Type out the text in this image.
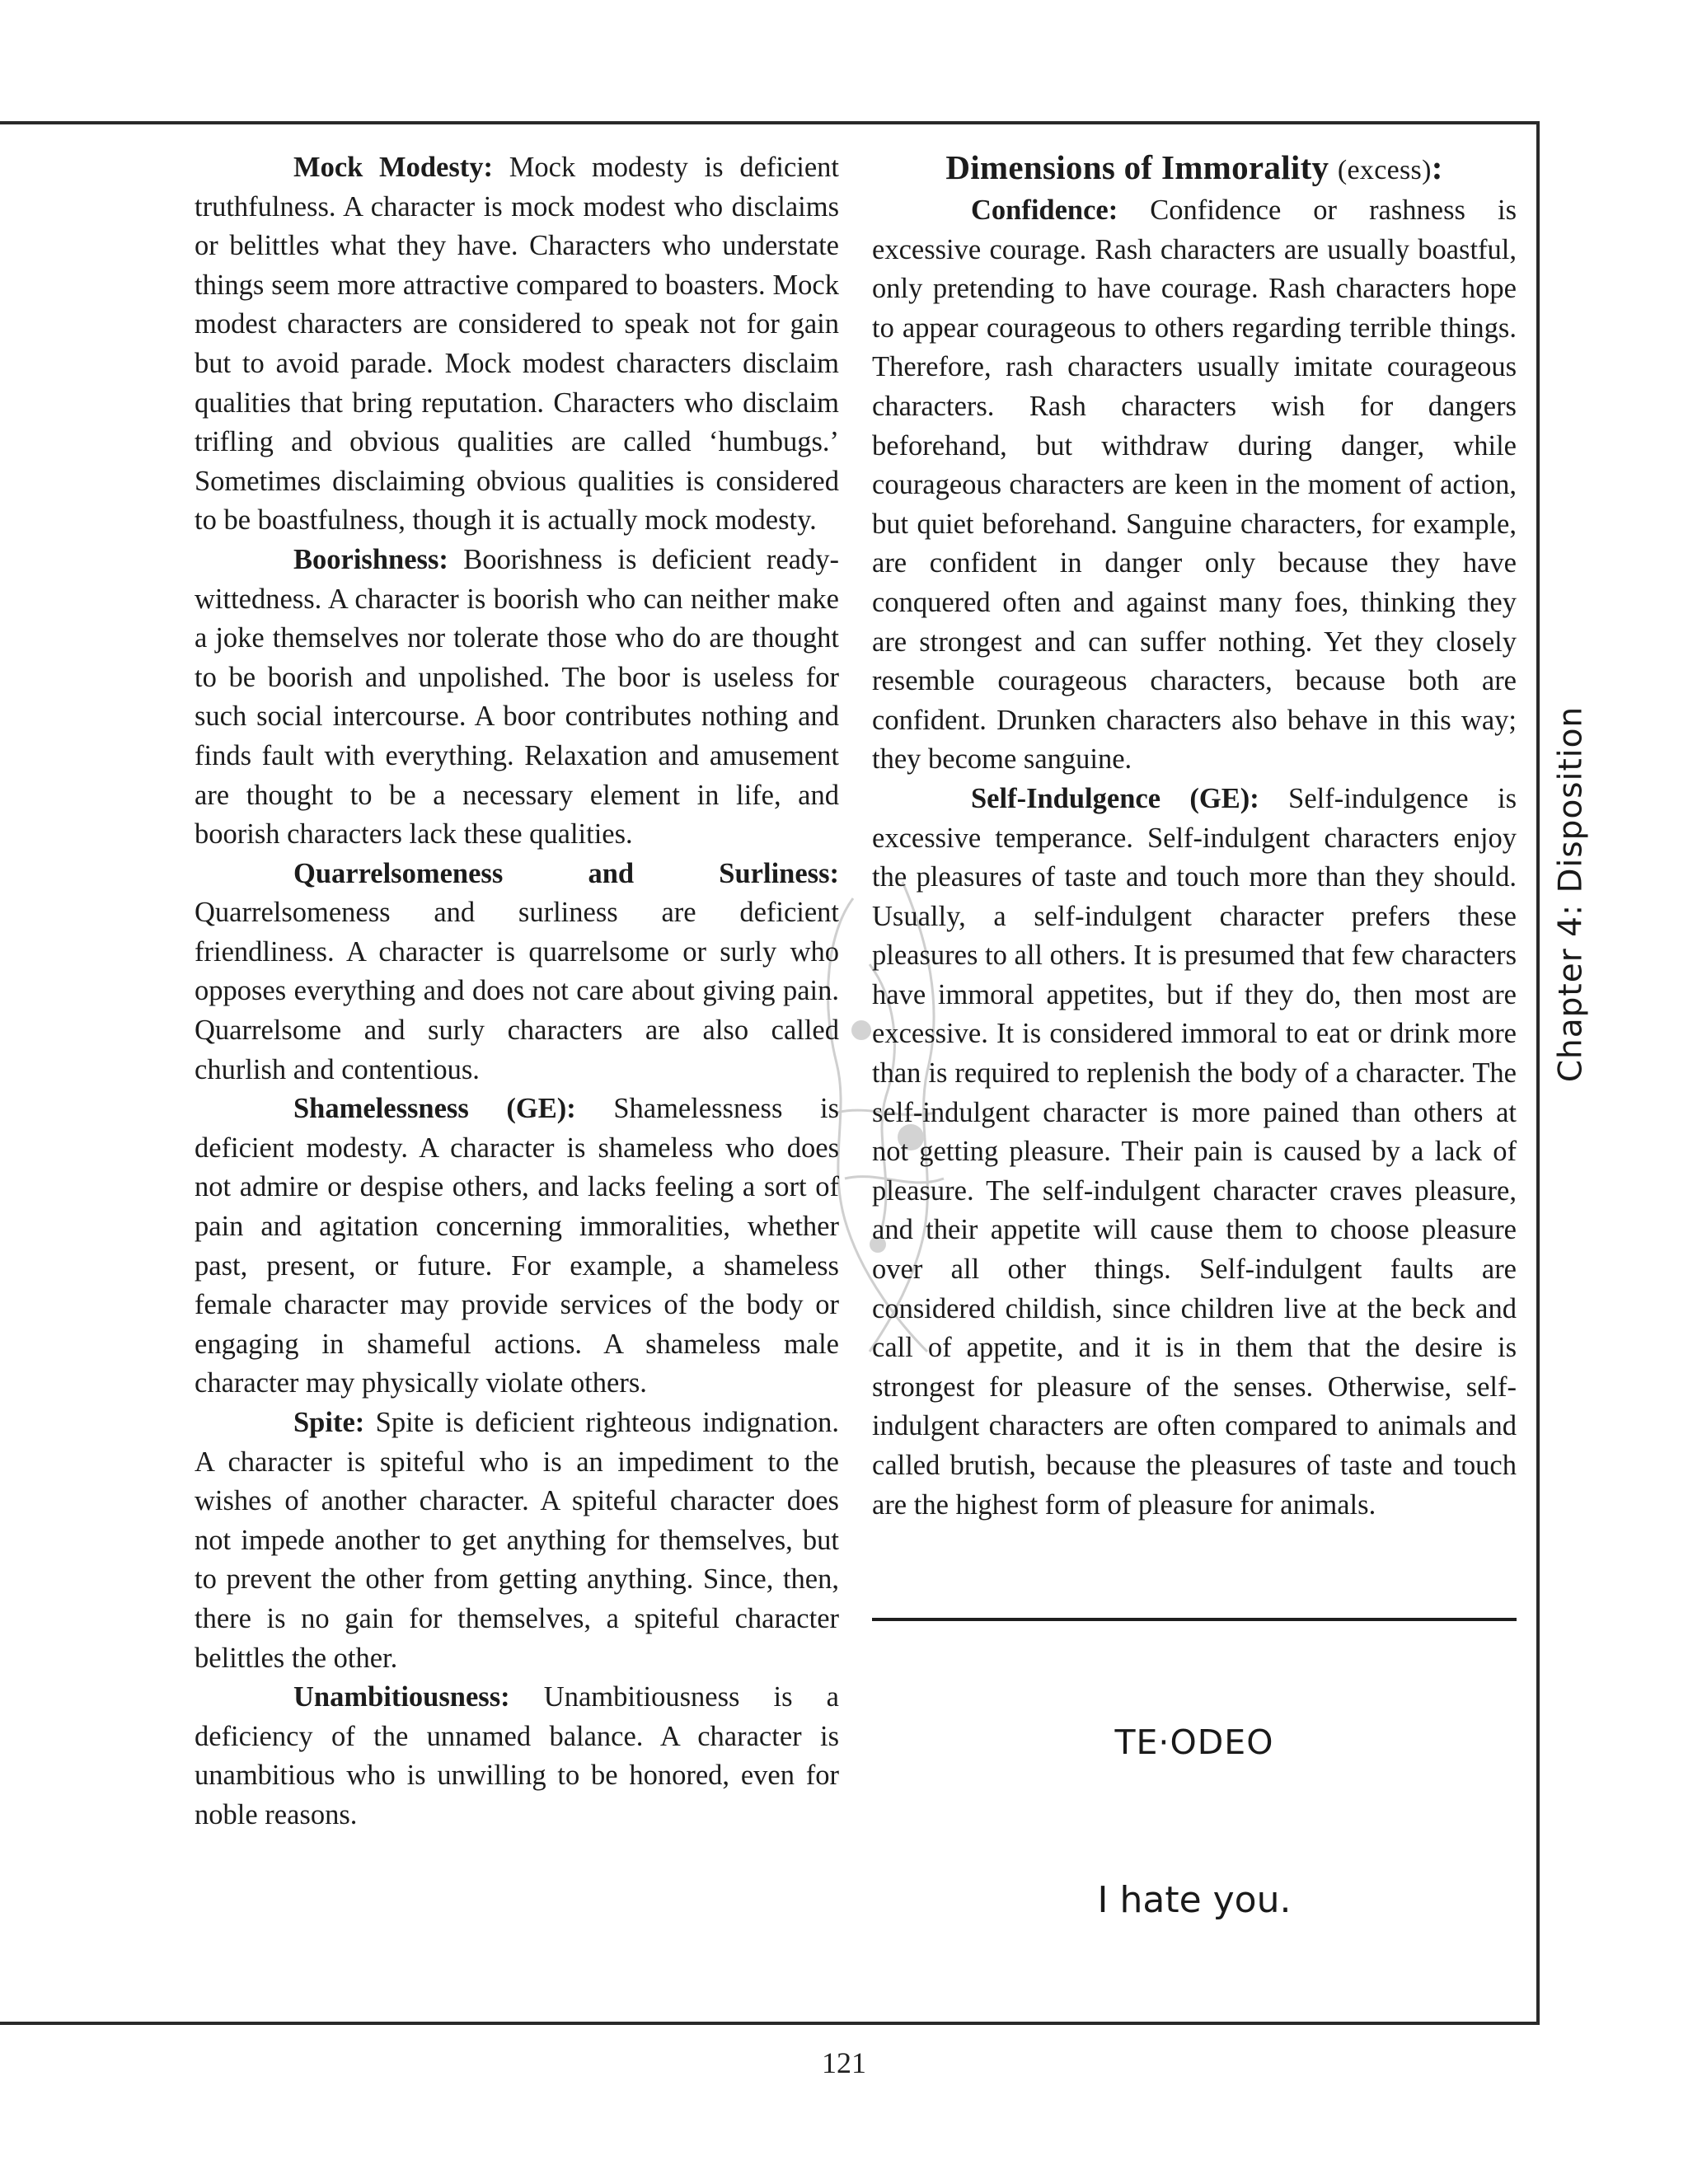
Mock Modesty: Mock modesty is deficient truthfulness. A character is mock modest who disclaims or belittles what they have. Characters who understate things seem more attractive compared to boasters. Mock modest characters are considered to speak not for gain but to avoid parade. Mock modest characters disclaim qualities that bring reputation. Characters who disclaim trifling and obvious qualities are called ‘humbugs.’ Sometimes disclaiming obvious qualities is considered to be boastfulness, though it is actually mock modesty.

Boorishness: Boorishness is deficient ready-wittedness. A character is boorish who can neither make a joke themselves nor tolerate those who do are thought to be boorish and unpolished. The boor is useless for such social intercourse. A boor contributes nothing and finds fault with everything. Relaxation and amusement are thought to be a necessary element in life, and boorish characters lack these qualities.

Quarrelsomeness and Surliness: Quarrelsomeness and surliness are deficient friendliness. A character is quarrelsome or surly who opposes everything and does not care about giving pain. Quarrelsome and surly characters are also called churlish and contentious.

Shamelessness (GE): Shamelessness is deficient modesty. A character is shameless who does not admire or despise others, and lacks feeling a sort of pain and agitation concerning immoralities, whether past, present, or future. For example, a shameless female character may provide services of the body or engaging in shameful actions. A shameless male character may physically violate others.

Spite: Spite is deficient righteous indignation. A character is spiteful who is an impediment to the wishes of another character. A spiteful character does not impede another to get anything for themselves, but to prevent the other from getting anything. Since, then, there is no gain for themselves, a spiteful character belittles the other.

Unambitiousness: Unambitiousness is a deficiency of the unnamed balance. A character is unambitious who is unwilling to be honored, even for noble reasons.

Dimensions of Immorality (excess):

Confidence: Confidence or rashness is excessive courage. Rash characters are usually boastful, only pretending to have courage. Rash characters hope to appear courageous to others regarding terrible things. Therefore, rash characters usually imitate courageous characters. Rash characters wish for dangers beforehand, but withdraw during danger, while courageous characters are keen in the moment of action, but quiet beforehand. Sanguine characters, for example, are confident in danger only because they have conquered often and against many foes, thinking they are strongest and can suffer nothing. Yet they closely resemble courageous characters, because both are confident. Drunken characters also behave in this way; they become sanguine.

Self-Indulgence (GE): Self-indulgence is excessive temperance. Self-indulgent characters enjoy the pleasures of taste and touch more than they should. Usually, a self-indulgent character prefers these pleasures to all others. It is presumed that few characters have immoral appetites, but if they do, then most are excessive. It is considered immoral to eat or drink more than is required to replenish the body of a character. The self-indulgent character is more pained than others at not getting pleasure. Their pain is caused by a lack of pleasure. The self-indulgent character craves pleasure, and their appetite will cause them to choose pleasure over all other things. Self-indulgent faults are considered childish, since children live at the beck and call of appetite, and it is in them that the desire is strongest for pleasure of the senses. Otherwise, self-indulgent characters are often compared to animals and called brutish, because the pleasures of taste and touch are the highest form of pleasure for animals.

TE·ODEO
I hate you.
Chapter 4: Disposition
121
